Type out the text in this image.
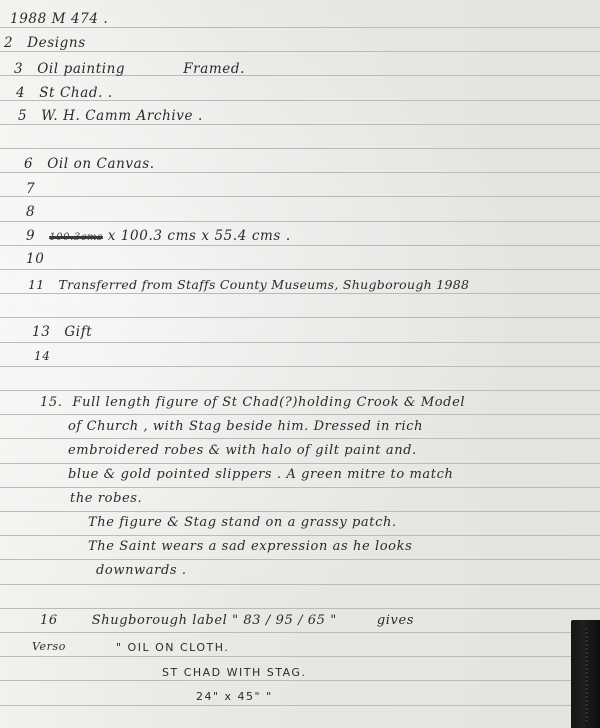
1988 M 474 .
2 Designs
3 Oil painting	Framed.
4 St Chad. .
5 W. H. Camm Archive .
6 Oil on Canvas.
7
8
9 100.3cms x 100.3 cms x 55.4 cms .
10
11 Transferred from Staffs County Museums, Shugborough 1988
13 Gift
14
15. Full length figure of St Chad(?)holding Crook & Model
of Church , with Stag beside him. Dressed in rich
embroidered robes & with halo of gilt paint and.
blue & gold pointed slippers . A green mitre to match
the robes.
The figure & Stag stand on a grassy patch.
The Saint wears a sad expression as he looks
downwards .
16	Shugborough label " 83 / 95 / 65 "	gives
Verso	" OIL ON CLOTH.
ST CHAD WITH STAG.
24" x 45" "
